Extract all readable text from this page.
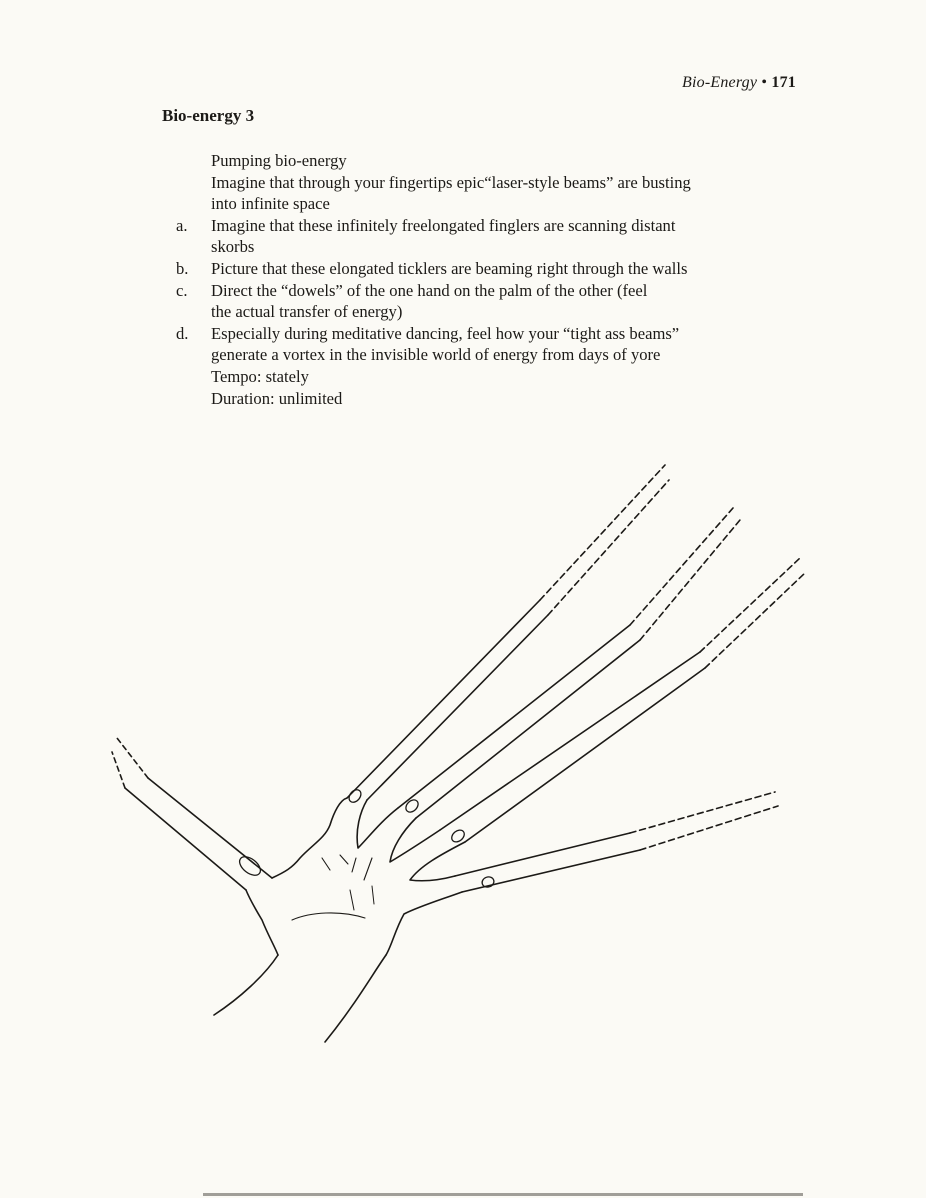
Bio-Energy • 171
Bio-energy 3
Pumping bio-energy
Imagine that through your fingertips epic“laser-style beams” are busting
into infinite space
a. Imagine that these infinitely freelongated finglers are scanning distant
skorbs
b. Picture that these elongated ticklers are beaming right through the walls
c. Direct the “dowels” of the one hand on the palm of the other (feel
the actual transfer of energy)
d. Especially during meditative dancing, feel how your “tight ass beams”
generate a vortex in the invisible world of energy from days of yore
Tempo: stately
Duration: unlimited
